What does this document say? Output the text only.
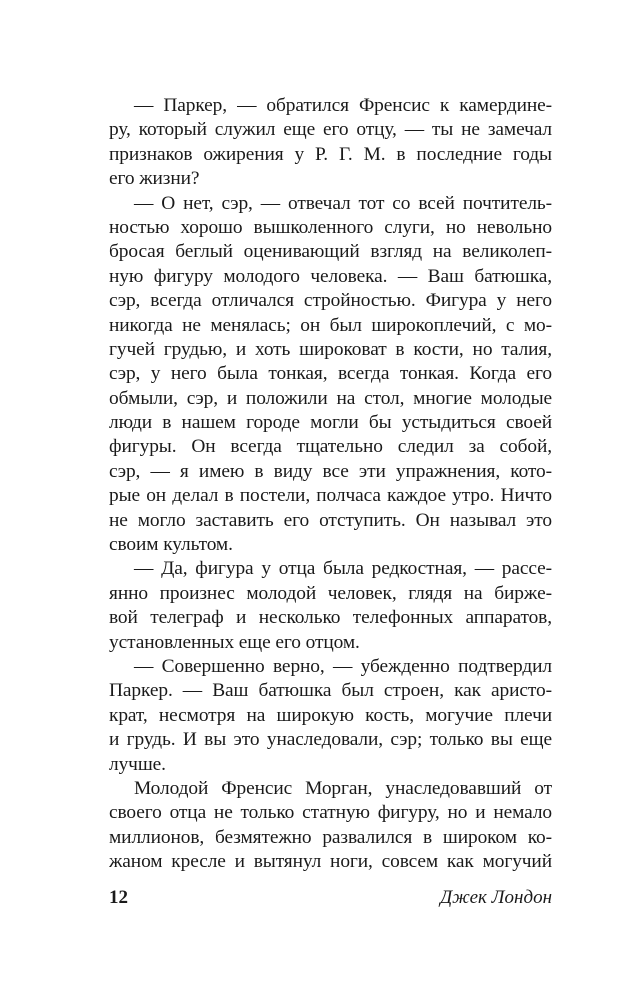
— Паркер, — обратился Френсис к камердине-
ру, который служил еще его отцу, — ты не замечал
признаков ожирения у Р. Г. М. в последние годы
его жизни?
— О нет, сэр, — отвечал тот со всей почтитель-
ностью хорошо вышколенного слуги, но невольно
бросая беглый оценивающий взгляд на великолеп-
ную фигуру молодого человека. — Ваш батюшка,
сэр, всегда отличался стройностью. Фигура у него
никогда не менялась; он был широкоплечий, с мо-
гучей грудью, и хоть широковат в кости, но талия,
сэр, у него была тонкая, всегда тонкая. Когда его
обмыли, сэр, и положили на стол, многие молодые
люди в нашем городе могли бы устыдиться своей
фигуры. Он всегда тщательно следил за собой,
сэр, — я имею в виду все эти упражнения, кото-
рые он делал в постели, полчаса каждое утро. Ничто
не могло заставить его отступить. Он называл это
своим культом.
— Да, фигура у отца была редкостная, — рассе-
янно произнес молодой человек, глядя на биржe-
вой телеграф и несколько телефонных аппаратов,
установленных еще его отцом.
— Совершенно верно, — убежденно подтвердил
Паркер. — Ваш батюшка был строен, как аристо-
крат, несмотря на широкую кость, могучие плечи
и грудь. И вы это унаследовали, сэр; только вы еще
лучше.
Молодой Френсис Морган, унаследовавший от
своего отца не только статную фигуру, но и немало
миллионов, безмятежно развалился в широком ко-
жаном кресле и вытянул ноги, совсем как могучий
12	Джек Лондон
